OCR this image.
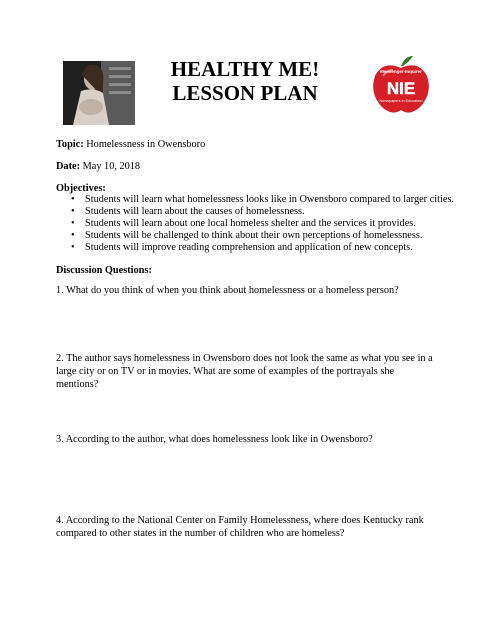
HEALTHY ME!
LESSON PLAN
Messenger-Inquirer
NIE
Newspapers in Education
Topic: Homelessness in Owensboro
Date: May 10, 2018
Objectives:
• Students will learn what homelessness looks like in Owensboro compared to larger cities.
• Students will learn about the causes of homelessness.
• Students will learn about one local homeless shelter and the services it provides.
• Students will be challenged to think about their own perceptions of homelessness.
• Students will improve reading comprehension and application of new concepts.
Discussion Questions:
1. What do you think of when you think about homelessness or a homeless person?
2. The author says homelessness in Owensboro does not look the same as what you see in a large city or on TV or in movies. What are some of examples of the portrayals she mentions?
3. According to the author, what does homelessness look like in Owensboro?
4. According to the National Center on Family Homelessness, where does Kentucky rank compared to other states in the number of children who are homeless?
